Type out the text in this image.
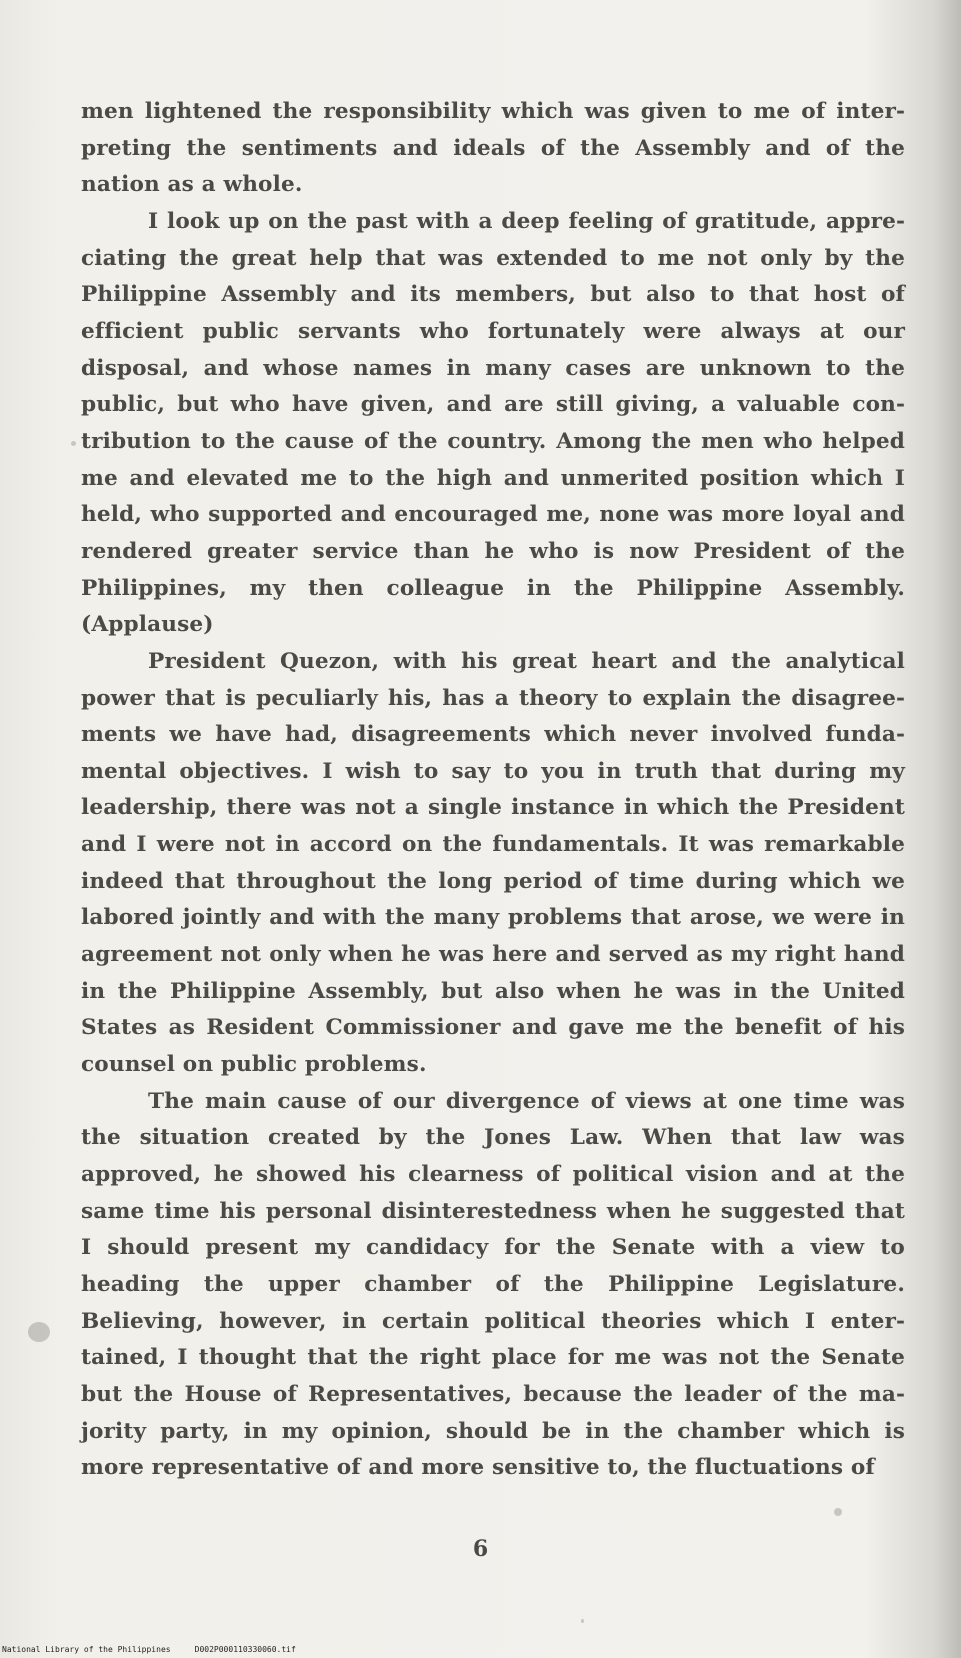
men lightened the responsibility which was given to me of interpreting the sentiments and ideals of the Assembly and of the nation as a whole.

I look up on the past with a deep feeling of gratitude, appreciating the great help that was extended to me not only by the Philippine Assembly and its members, but also to that host of efficient public servants who fortunately were always at our disposal, and whose names in many cases are unknown to the public, but who have given, and are still giving, a valuable contribution to the cause of the country. Among the men who helped me and elevated me to the high and unmerited position which I held, who supported and encouraged me, none was more loyal and rendered greater service than he who is now President of the Philippines, my then colleague in the Philippine Assembly. (Applause)

President Quezon, with his great heart and the analytical power that is peculiarly his, has a theory to explain the disagreements we have had, disagreements which never involved fundamental objectives. I wish to say to you in truth that during my leadership, there was not a single instance in which the President and I were not in accord on the fundamentals. It was remarkable indeed that throughout the long period of time during which we labored jointly and with the many problems that arose, we were in agreement not only when he was here and served as my right hand in the Philippine Assembly, but also when he was in the United States as Resident Commissioner and gave me the benefit of his counsel on public problems.

The main cause of our divergence of views at one time was the situation created by the Jones Law. When that law was approved, he showed his clearness of political vision and at the same time his personal disinterestedness when he suggested that I should present my candidacy for the Senate with a view to heading the upper chamber of the Philippine Legislature. Believing, however, in certain political theories which I entertained, I thought that the right place for me was not the Senate but the House of Representatives, because the leader of the majority party, in my opinion, should be in the chamber which is more representative of and more sensitive to, the fluctuations of

6
National Library of the Philippines     D002P000110330060.tif
